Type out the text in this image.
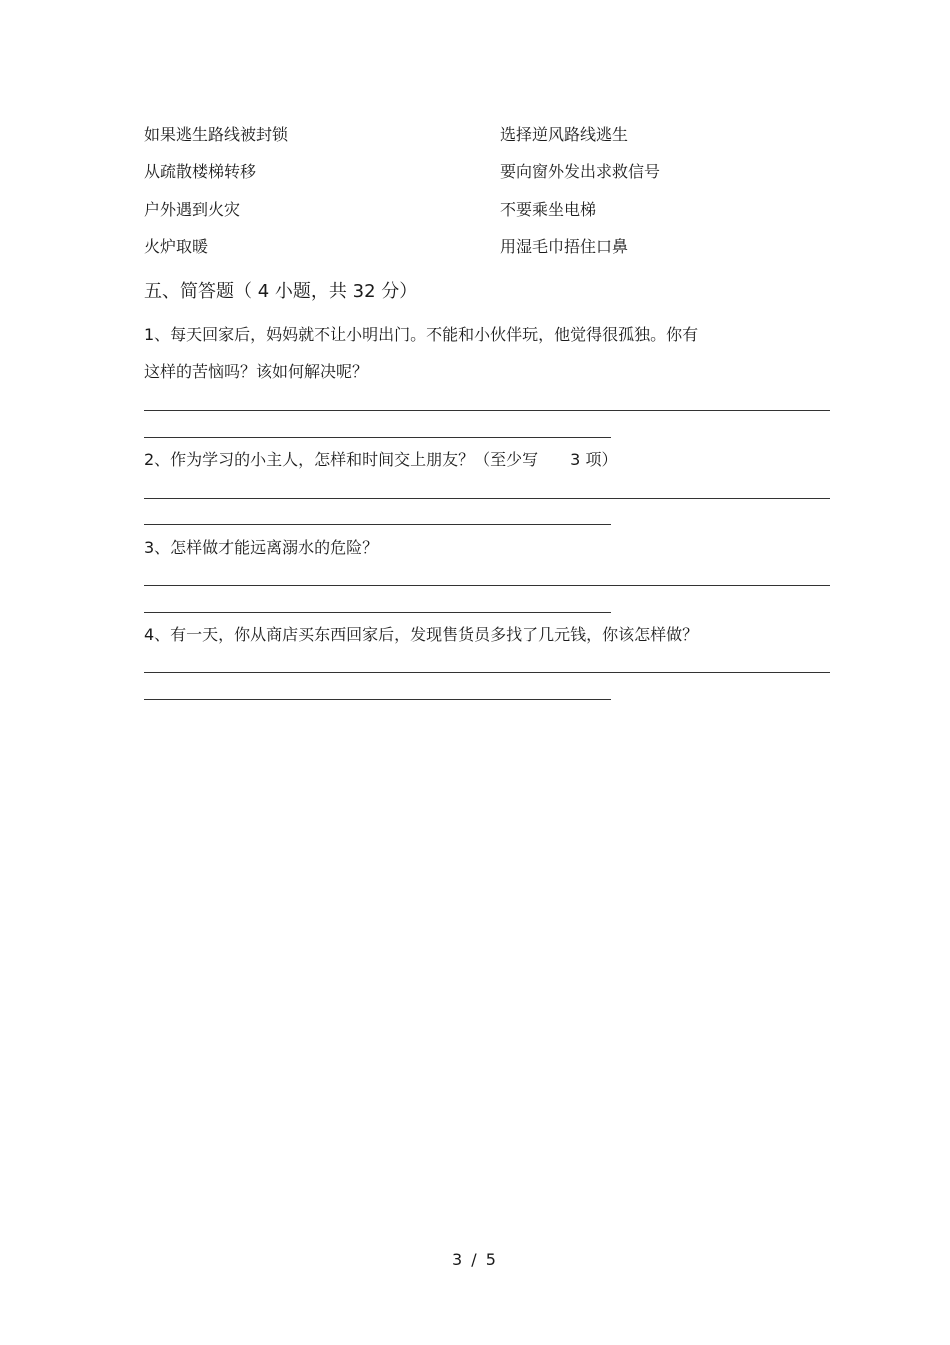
如果逃生路线被封锁	选择逆风路线逃生
从疏散楼梯转移	要向窗外发出求救信号
户外遇到火灾	不要乘坐电梯
火炉取暖	用湿毛巾捂住口鼻
五、简答题（ 4 小题，共 32 分）
1、每天回家后，妈妈就不让小明出门。不能和小伙伴玩，他觉得很孤独。你有
这样的苦恼吗？该如何解决呢？
2、作为学习的小主人，怎样和时间交上朋友？（至少写　　3 项）
3、怎样做才能远离溺水的危险？
4、有一天，你从商店买东西回家后，发现售货员多找了几元钱，你该怎样做？
3 / 5
